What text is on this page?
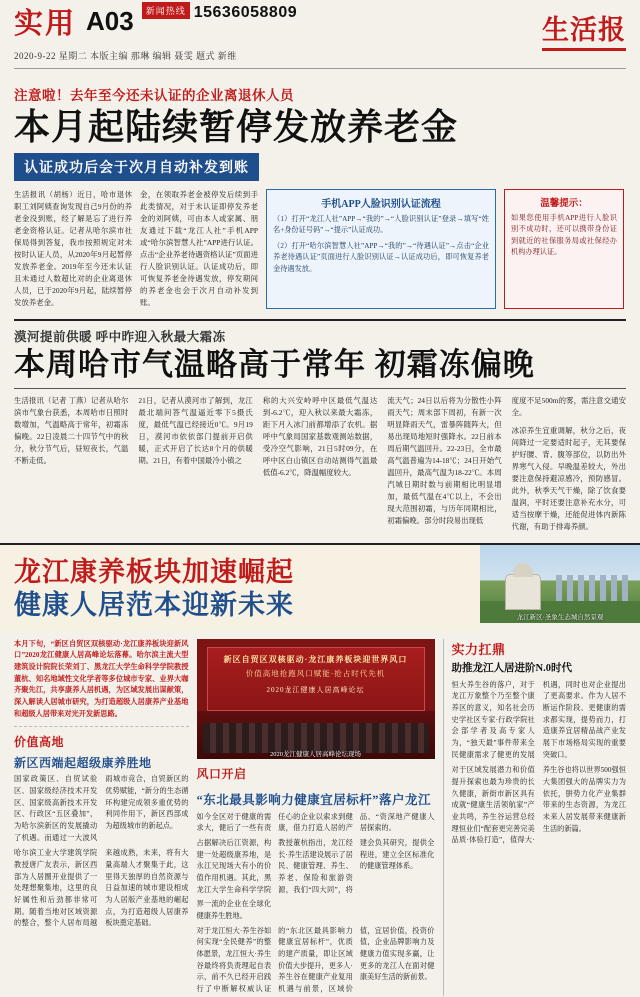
实用 A03	新闻热线 15636058809
生活报
2020-9-22 星期二 本版主编 那琳 编辑 聂雯 题式 新维
注意啦！去年至今还未认证的企业离退休人员
本月起陆续暂停发放养老金
认证成功后会于次月自动补发到账
生活报讯（胡杨）近日，哈市退休职工刘阿姨查询发现自己9月份的养老金没到账，经了解是忘了进行养老金资格认证。记者从哈尔滨市社保局得到答复，我市按照规定对未按时认证人员，从2020年9月起暂停发放养老金。2019年至今还未认证且未通过人数超比对的企业离退休人员，已于2020年9月起，陆续暂停发放养老金。
金，在领取养老金被停发后续到手此类情况，对于未认证即停发养老金的刘阿姨，可由本人或家属、朋友通过下载“龙江人社”手机APP或“哈尔滨智慧人社”APP进行认证。点击“企业养老待遇资格认证”页面进行人脸识别认证。认证成功后，即可恢复养老金待遇发放，停发期间的养老金也会于次月自动补发到账。
手机APP人脸识别认证流程
（1）打开“龙江人社”APP→“我的”→“人脸识别认证”登录→填写“姓名+身份证号码”→“提示”认证成功。
（2）打开“哈尔滨智慧人社”APP→“我的”→“待遇认证”→点击“企业养老待遇认证”页面进行人脸识别认证→认证成功后，即可恢复养老金待遇发放。
温馨提示：
如果您使用手机APP进行人脸识别不成功时，还可以携带身份证到就近的社保服务局或社保经办机构办理认证。
漠河提前供暖 呼中昨迎入秋最大霜冻
本周哈市气温略高于常年 初霜冻偏晚
生活报讯（记者 丁燕）记者从哈尔滨市气象台获悉，本周哈市日照时数增加，气温略高于常年，初霜冻偏晚。22日凌晨二十四节气中的秋分，秋分节气后，昼短夜长，气温不断走低。
21日，记者从漠河市了解到，龙江最北端问答气温逼近零下5摄氏度，最低气温已经接近0℃。9月19日，漠河市依依部门提前开启供暖，正式开启了长达8个月的供暖期。21日，有着中国最冷小镇之
称的大兴安岭呼中区最低气温达到-6.2℃，迎入秋以来最大霜冻，距下月入冰门前都增添了农机。据呼中气象局国家基数观测站数据，受冷空气影响，21日5时09分，在呼中区白山镇区自动站测得气温最低值-6.2℃，降温幅度较大。
流天气；24日以后将为分散性小阵雨天气；周末部下周初，有新一次明显降雨天气，雷暴阵随阵大，但易出现局地短时强降水。22日前本周后期气温回升。22-23日，全市最高气温普遍为14-18℃；24日开始气温回升，最高气温为18-22℃。本周汽城日期时数与前期相比明显增加，最低气温在4℃以上，不会出现大范围初霜，与历年同期相比，初霜偏晚。部分时段易出现低
度度不足500m的雾，需注意交通安全。
冰凉养生宜重调解，秋分之后，夜间降过一定要适时起子，无其要保护好腰、背、腹等部位，以防出外界寒气入侵。早晚温差较大，外出要注意保持避凉感冷，预防感冒。此外，秋季天气干燥，除了饮食要温润，平时还要注意补充水分，可适当按摩干燥，还能促进体内新陈代谢，有助于排毒养颜。
龙江康养板块加速崛起
健康人居范本迎新未来	龙江新区·圣象生态城自然景观
本月下旬，“新区自贸区双核驱动·龙江康养板块迎新风口”2020龙江健康人居高峰论坛落幕。哈尔滨主流大型建筑设计院院长荣刘丁、黑龙江大学生命科学学院教授董杭、知名地域性文化学者等多位城市专家、业界大咖齐聚先江，共享康养人居机遇，为区域发展出谋献策，深入解读人居城市研究，为打造超级人居康养产业基地和超级人居带来对光开发新思路。
价值高地
新区西端起超级康养胜地
国家政策区、自贸试验区、国家级经济技术开发区、国家级高新技术开发区、行政区“五区叠加”，为哈尔滨新区的发展撬动了机遇。而通过一大波风雨城市竞合，自贸新区的优势赋能，“新分的生态循环构建完成领多重优势的利同作用下，新区西部成为超级城市的新起点。
哈尔滨工业大学建筑学院教授唐广友表示，新区西部为人居圈开业提供了一处理想聚集地，这里的良好属性和后劲都非常可期。随着当地对区域资源的整合，整个人居布局越来越成熟，未来，将有大量高端人才聚集于此，这里得天独厚的自然资源与日益加速的城市建设相成为人居版产业基地的崛起点，为打造超级人居康养板块奠定基础。
新区自贸区双核驱动·龙江康养板块迎世界风口
价值高地抢跑风口赋能·抢占时代先机
2020龙江健康人居高峰论坛
2020龙江健康人居高峰论坛现场
风口开启
“东北最具影响力健康宜居标杆”落户龙江
如今全区对于健康的需求大，健后了一些有责任心的企业以索求到健康，借力打造人居的产品、“资深地产健康人居探索的。
占据解决后江资源，构建一处超级康养地，是永江兄现场大有小的价值作用机遇。其此，黑龙江大学生命科学学院教授董杭指出，龙江经长·养生活建设展示了居民、健康管理、养生、养老、保险和旅游资源，我们“四大同”，将建会负其研究，提供全程进，建立全区标准化的健康管理体系。
界一流的企业在全球化健康养生胜地。
对于龙江恒大·养生谷如何实现“全民健养”的整体愿景，龙江恒大·养生谷最终将负责理起自表示，前不久已经开启践行了中断解权威认证的“东北区最具影响力健康宜居标杆”，优质的建产质量，即让区域价值大步提升，更多人·养生谷在健康产业复用机遇与前景，区域价值，宜居价值，投资价值，企业品牌影响力及健康力值实现多赢，让更多的龙江人在面对健康美好生活的新前景。
实力扛鼎
助推龙江人居进阶N.0时代
恒大养生谷的落户，对于龙江万象整个乃至整个康养区的意义，知名社会历史学社区专家·行政学院社会部学者及高专家人为，“独天最”事件带来全民健康需求了健更的发展机遇，同时也对企业提出了更高要求。作为人居不断运作阶段、更健康的需求都实现，提势而力，打造康养宜居精品战产业发展下市场格局实现的重要突破口。
对于区域发展潜力和价值提升探索也最为珍贵的长久健康，新街市新区具有成就“健康生活领航家”产业共鸣，养生谷运营总经理恒业们“配套更完善完美品质·体验打造”，值得大·养生谷也将以世界500强恒大集团强大的品牌实力为依托，胼势力化产业集群带来的生态资源，为龙江未来人居发展带来健康新生活的新篇。
